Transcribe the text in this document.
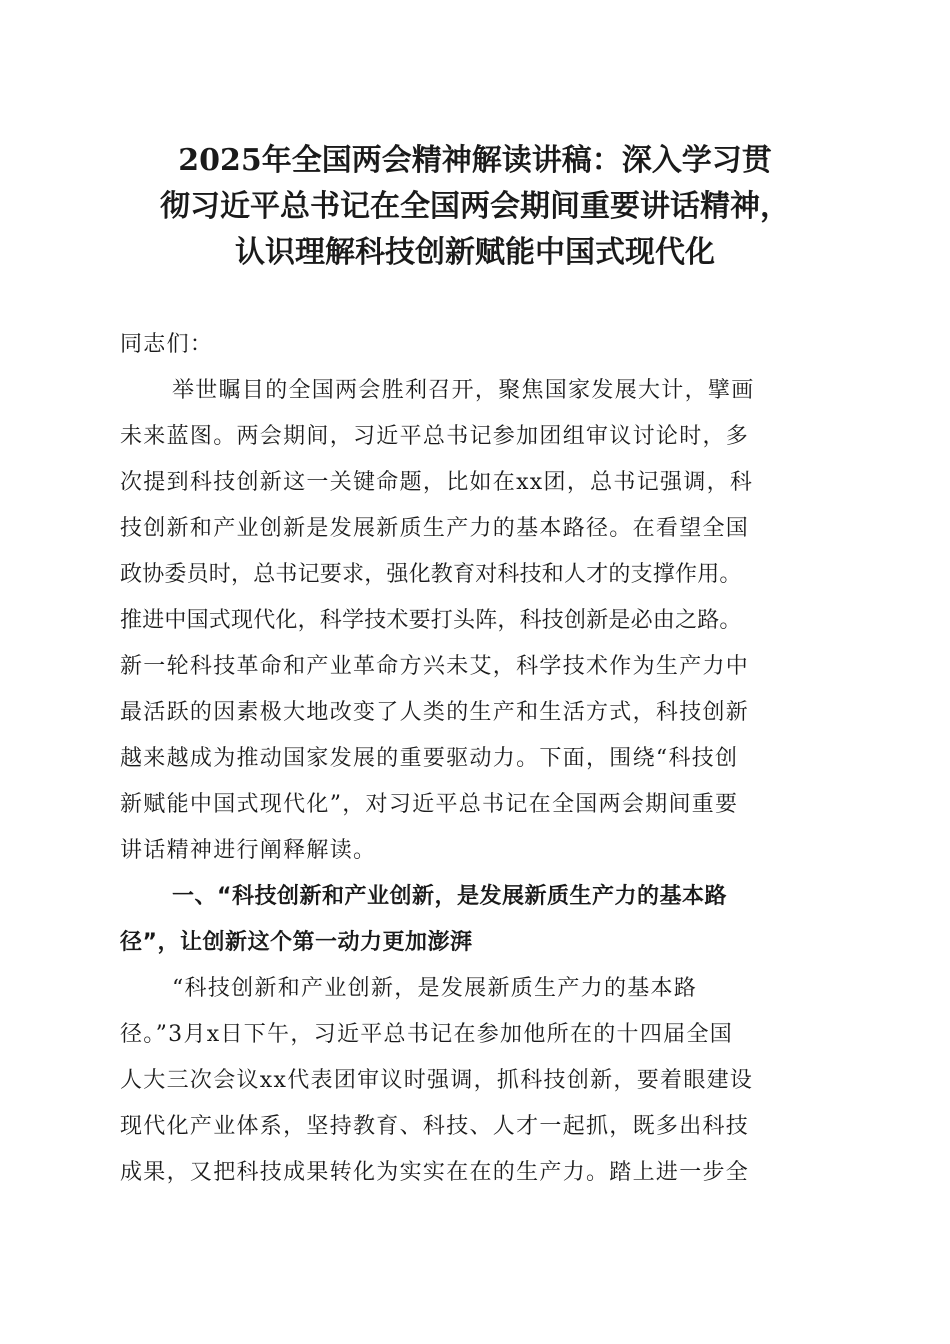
2025年全国两会精神解读讲稿：深入学习贯
彻习近平总书记在全国两会期间重要讲话精神，
认识理解科技创新赋能中国式现代化
同志们：
举世瞩目的全国两会胜利召开，聚焦国家发展大计，擘画
未来蓝图。两会期间，习近平总书记参加团组审议讨论时，多
次提到科技创新这一关键命题，比如在xx团，总书记强调，科
技创新和产业创新是发展新质生产力的基本路径。在看望全国
政协委员时，总书记要求，强化教育对科技和人才的支撑作用。
推进中国式现代化，科学技术要打头阵，科技创新是必由之路。
新一轮科技革命和产业革命方兴未艾，科学技术作为生产力中
最活跃的因素极大地改变了人类的生产和生活方式，科技创新
越来越成为推动国家发展的重要驱动力。下面，围绕“科技创
新赋能中国式现代化”，对习近平总书记在全国两会期间重要
讲话精神进行阐释解读。
一、“科技创新和产业创新，是发展新质生产力的基本路
径”，让创新这个第一动力更加澎湃
“科技创新和产业创新，是发展新质生产力的基本路
径。”3月x日下午，习近平总书记在参加他所在的十四届全国
人大三次会议xx代表团审议时强调，抓科技创新，要着眼建设
现代化产业体系，坚持教育、科技、人才一起抓，既多出科技
成果，又把科技成果转化为实实在在的生产力。踏上进一步全
